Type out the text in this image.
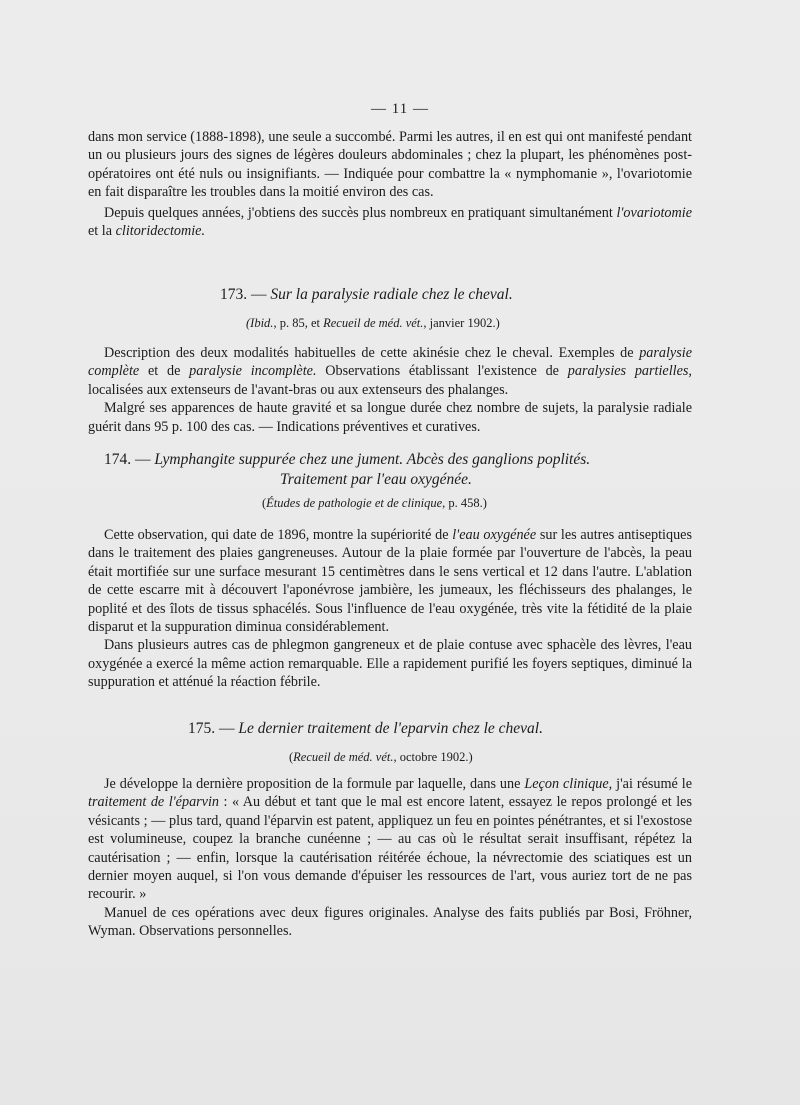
— 11 —

dans mon service (1888-1898), une seule a succombé. Parmi les autres, il en est qui ont manifesté pendant un ou plusieurs jours des signes de légères douleurs abdominales ; chez la plupart, les phénomènes post-opératoires ont été nuls ou insignifiants. — Indiquée pour combattre la « nymphomanie », l'ovariotomie en fait disparaître les troubles dans la moitié environ des cas.

Depuis quelques années, j'obtiens des succès plus nombreux en pratiquant simultanément l'ovariotomie et la clitoridectomie.

173. — Sur la paralysie radiale chez le cheval.
(Ibid., p. 85, et Recueil de méd. vét., janvier 1902.)

Description des deux modalités habituelles de cette akinésie chez le cheval. Exemples de paralysie complète et de paralysie incomplète. Observations établissant l'existence de paralysies partielles, localisées aux extenseurs de l'avant-bras ou aux extenseurs des phalanges.

Malgré ses apparences de haute gravité et sa longue durée chez nombre de sujets, la paralysie radiale guérit dans 95 p. 100 des cas. — Indications préventives et curatives.

174. — Lymphangite suppurée chez une jument. Abcès des ganglions poplités.
Traitement par l'eau oxygénée.
(Études de pathologie et de clinique, p. 458.)

Cette observation, qui date de 1896, montre la supériorité de l'eau oxygénée sur les autres antiseptiques dans le traitement des plaies gangreneuses. Autour de la plaie formée par l'ouverture de l'abcès, la peau était mortifiée sur une surface mesurant 15 centimètres dans le sens vertical et 12 dans l'autre. L'ablation de cette escarre mit à découvert l'aponévrose jambière, les jumeaux, les fléchisseurs des phalanges, le poplité et des îlots de tissus sphacélés. Sous l'influence de l'eau oxygénée, très vite la fétidité de la plaie disparut et la suppuration diminua considérablement.

Dans plusieurs autres cas de phlegmon gangreneux et de plaie contuse avec sphacèle des lèvres, l'eau oxygénée a exercé la même action remarquable. Elle a rapidement purifié les foyers septiques, diminué la suppuration et atténué la réaction fébrile.

175. — Le dernier traitement de l'eparvin chez le cheval.
(Recueil de méd. vét., octobre 1902.)

Je développe la dernière proposition de la formule par laquelle, dans une Leçon clinique, j'ai résumé le traitement de l'éparvin : « Au début et tant que le mal est encore latent, essayez le repos prolongé et les vésicants ; — plus tard, quand l'éparvin est patent, appliquez un feu en pointes pénétrantes, et si l'exostose est volumineuse, coupez la branche cunéenne ; — au cas où le résultat serait insuffisant, répétez la cautérisation ; — enfin, lorsque la cautérisation réitérée échoue, la névrectomie des sciatiques est un dernier moyen auquel, si l'on vous demande d'épuiser les ressources de l'art, vous auriez tort de ne pas recourir. »

Manuel de ces opérations avec deux figures originales. Analyse des faits publiés par Bosi, Fröhner, Wyman. Observations personnelles.
